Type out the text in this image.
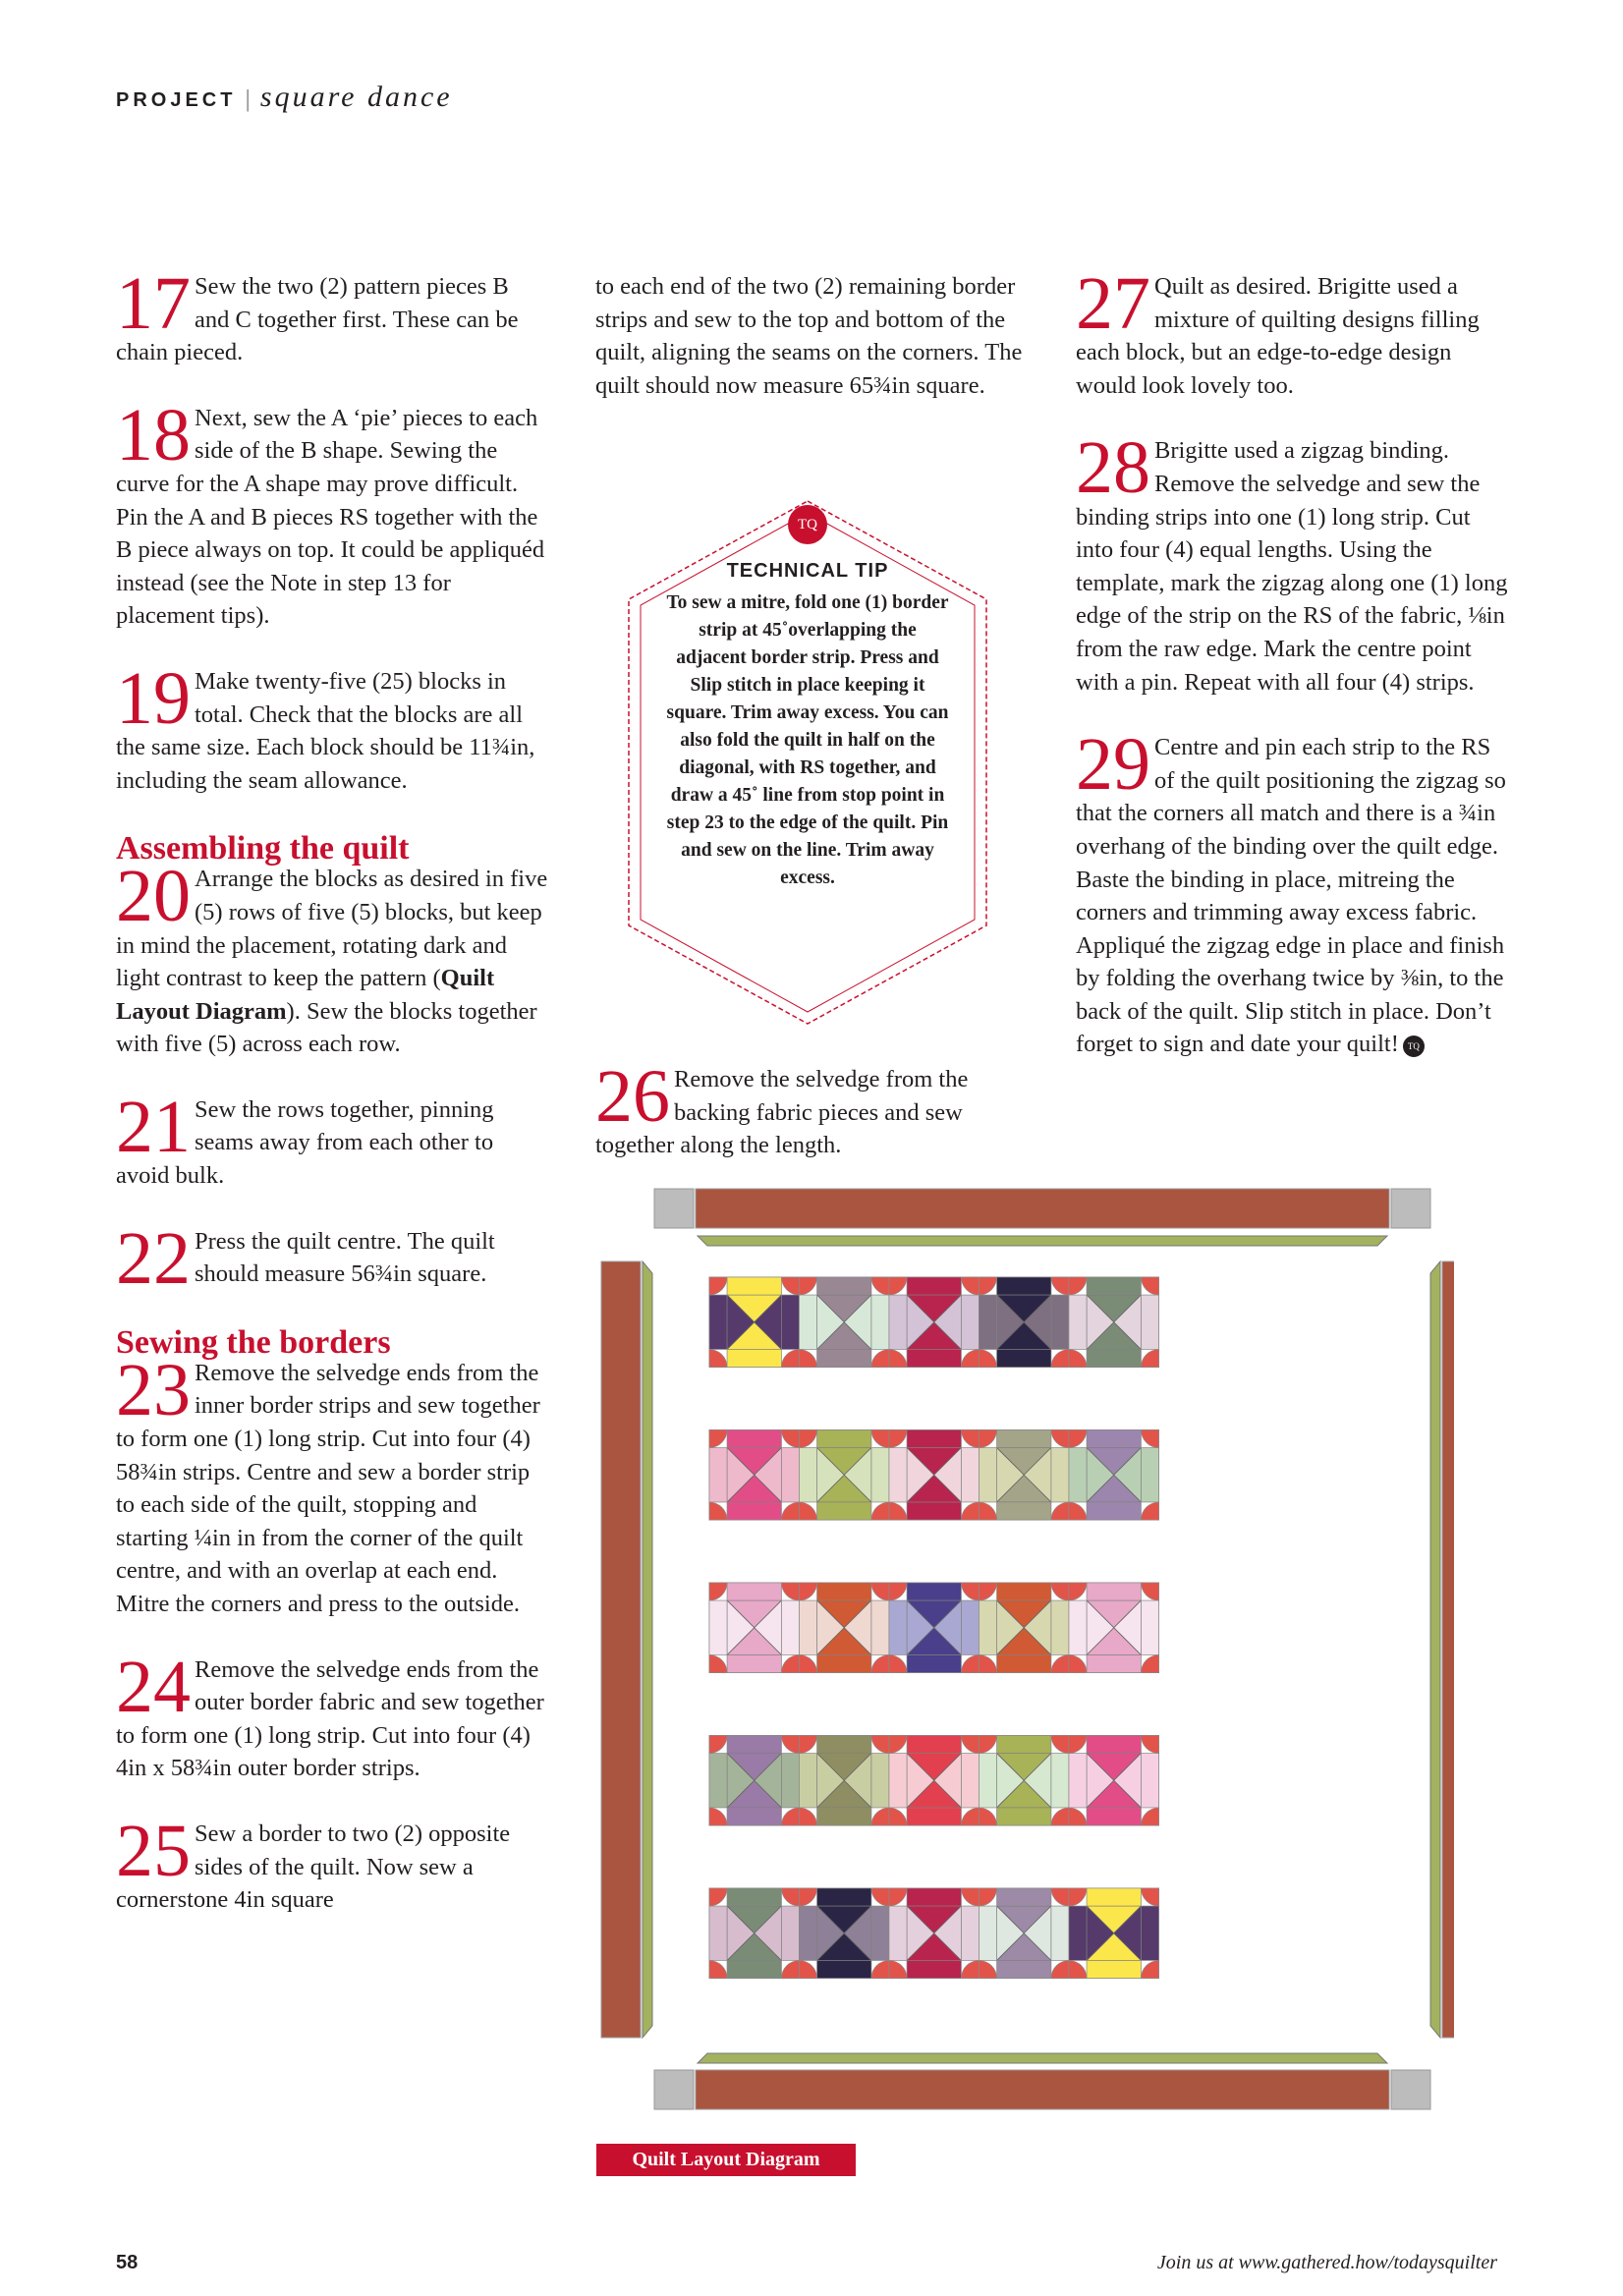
PROJECT | square dance
17 Sew the two (2) pattern pieces B and C together first. These can be chain pieced.
18 Next, sew the A ‘pie’ pieces to each side of the B shape. Sewing the curve for the A shape may prove difficult. Pin the A and B pieces RS together with the B piece always on top. It could be appliquéd instead (see the Note in step 13 for placement tips).
19 Make twenty-five (25) blocks in total. Check that the blocks are all the same size. Each block should be 11¾in, including the seam allowance.
Assembling the quilt
20 Arrange the blocks as desired in five (5) rows of five (5) blocks, but keep in mind the placement, rotating dark and light contrast to keep the pattern (Quilt Layout Diagram). Sew the blocks together with five (5) across each row.
21 Sew the rows together, pinning seams away from each other to avoid bulk.
22 Press the quilt centre. The quilt should measure 56¾in square.
Sewing the borders
23 Remove the selvedge ends from the inner border strips and sew together to form one (1) long strip. Cut into four (4) 58¾in strips. Centre and sew a border strip to each side of the quilt, stopping and starting ¼in in from the corner of the quilt centre, and with an overlap at each end. Mitre the corners and press to the outside.
24 Remove the selvedge ends from the outer border fabric and sew together to form one (1) long strip. Cut into four (4) 4in x 58¾in outer border strips.
25 Sew a border to two (2) opposite sides of the quilt. Now sew a cornerstone 4in square
to each end of the two (2) remaining border strips and sew to the top and bottom of the quilt, aligning the seams on the corners. The quilt should now measure 65¾in square.
TQ
TECHNICAL TIP
To sew a mitre, fold one (1) border strip at 45˚overlapping the adjacent border strip. Press and Slip stitch in place keeping it square. Trim away excess. You can also fold the quilt in half on the diagonal, with RS together, and draw a 45˚ line from stop point in step 23 to the edge of the quilt. Pin and sew on the line. Trim away excess.
26 Remove the selvedge from the backing fabric pieces and sew together along the length.
27 Quilt as desired. Brigitte used a mixture of quilting designs filling each block, but an edge-to-edge design would look lovely too.
28 Brigitte used a zigzag binding. Remove the selvedge and sew the binding strips into one (1) long strip. Cut into four (4) equal lengths. Using the template, mark the zigzag along one (1) long edge of the strip on the RS of the fabric, ⅛in from the raw edge. Mark the centre point with a pin. Repeat with all four (4) strips.
29 Centre and pin each strip to the RS of the quilt positioning the zigzag so that the corners all match and there is a ¾in overhang of the binding over the quilt edge. Baste the binding in place, mitreing the corners and trimming away excess fabric. Appliqué the zigzag edge in place and finish by folding the overhang twice by ⅜in, to the back of the quilt. Slip stitch in place. Don’t forget to sign and date your quilt! TQ
Quilt Layout Diagram
58	Join us at www.gathered.how/todaysquilter
